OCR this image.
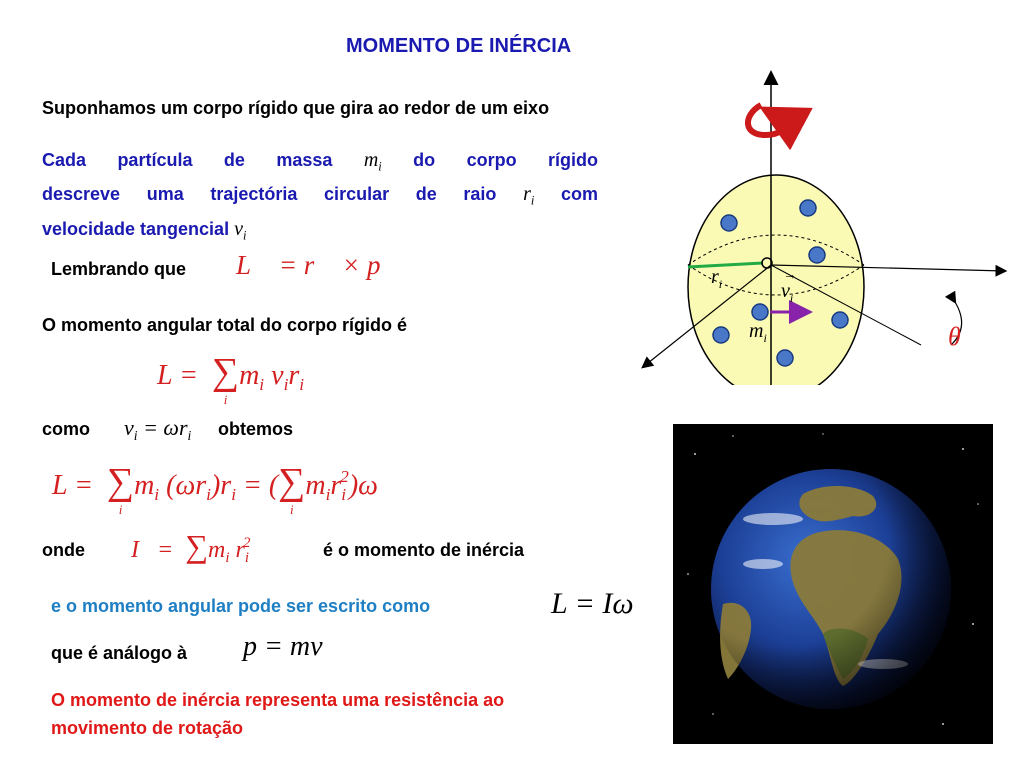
MOMENTO DE INÉRCIA
Suponhamos um corpo rígido que gira ao redor de um eixo
Cada partícula de massa $m_i$ do corpo rígido
descreve uma trajectória circular de raio $r_i$ com
velocidade tangencial $v_i$
Lembrando que L⃗ = r⃗ × p⃗
O momento angular total do corpo rígido é
L =  ∑
i
$m_i$ $v_ir_i$
como $v_i = \omega r_i$ obtemos
L =  ∑
i
$m_i$ $(\omega r_i)r_i$ = (∑
i
$m_ir_i^2)\omega$
onde $I = \sum m_i$ $r_i^2$	é o momento de inércia
e o momento angular pode ser escrito como	L = Iω
que é análogo à p = mv
O momento de inércia representa uma resistência ao
movimento de rotação
$r_i$	$v_i$
→
$m_i$	θ
